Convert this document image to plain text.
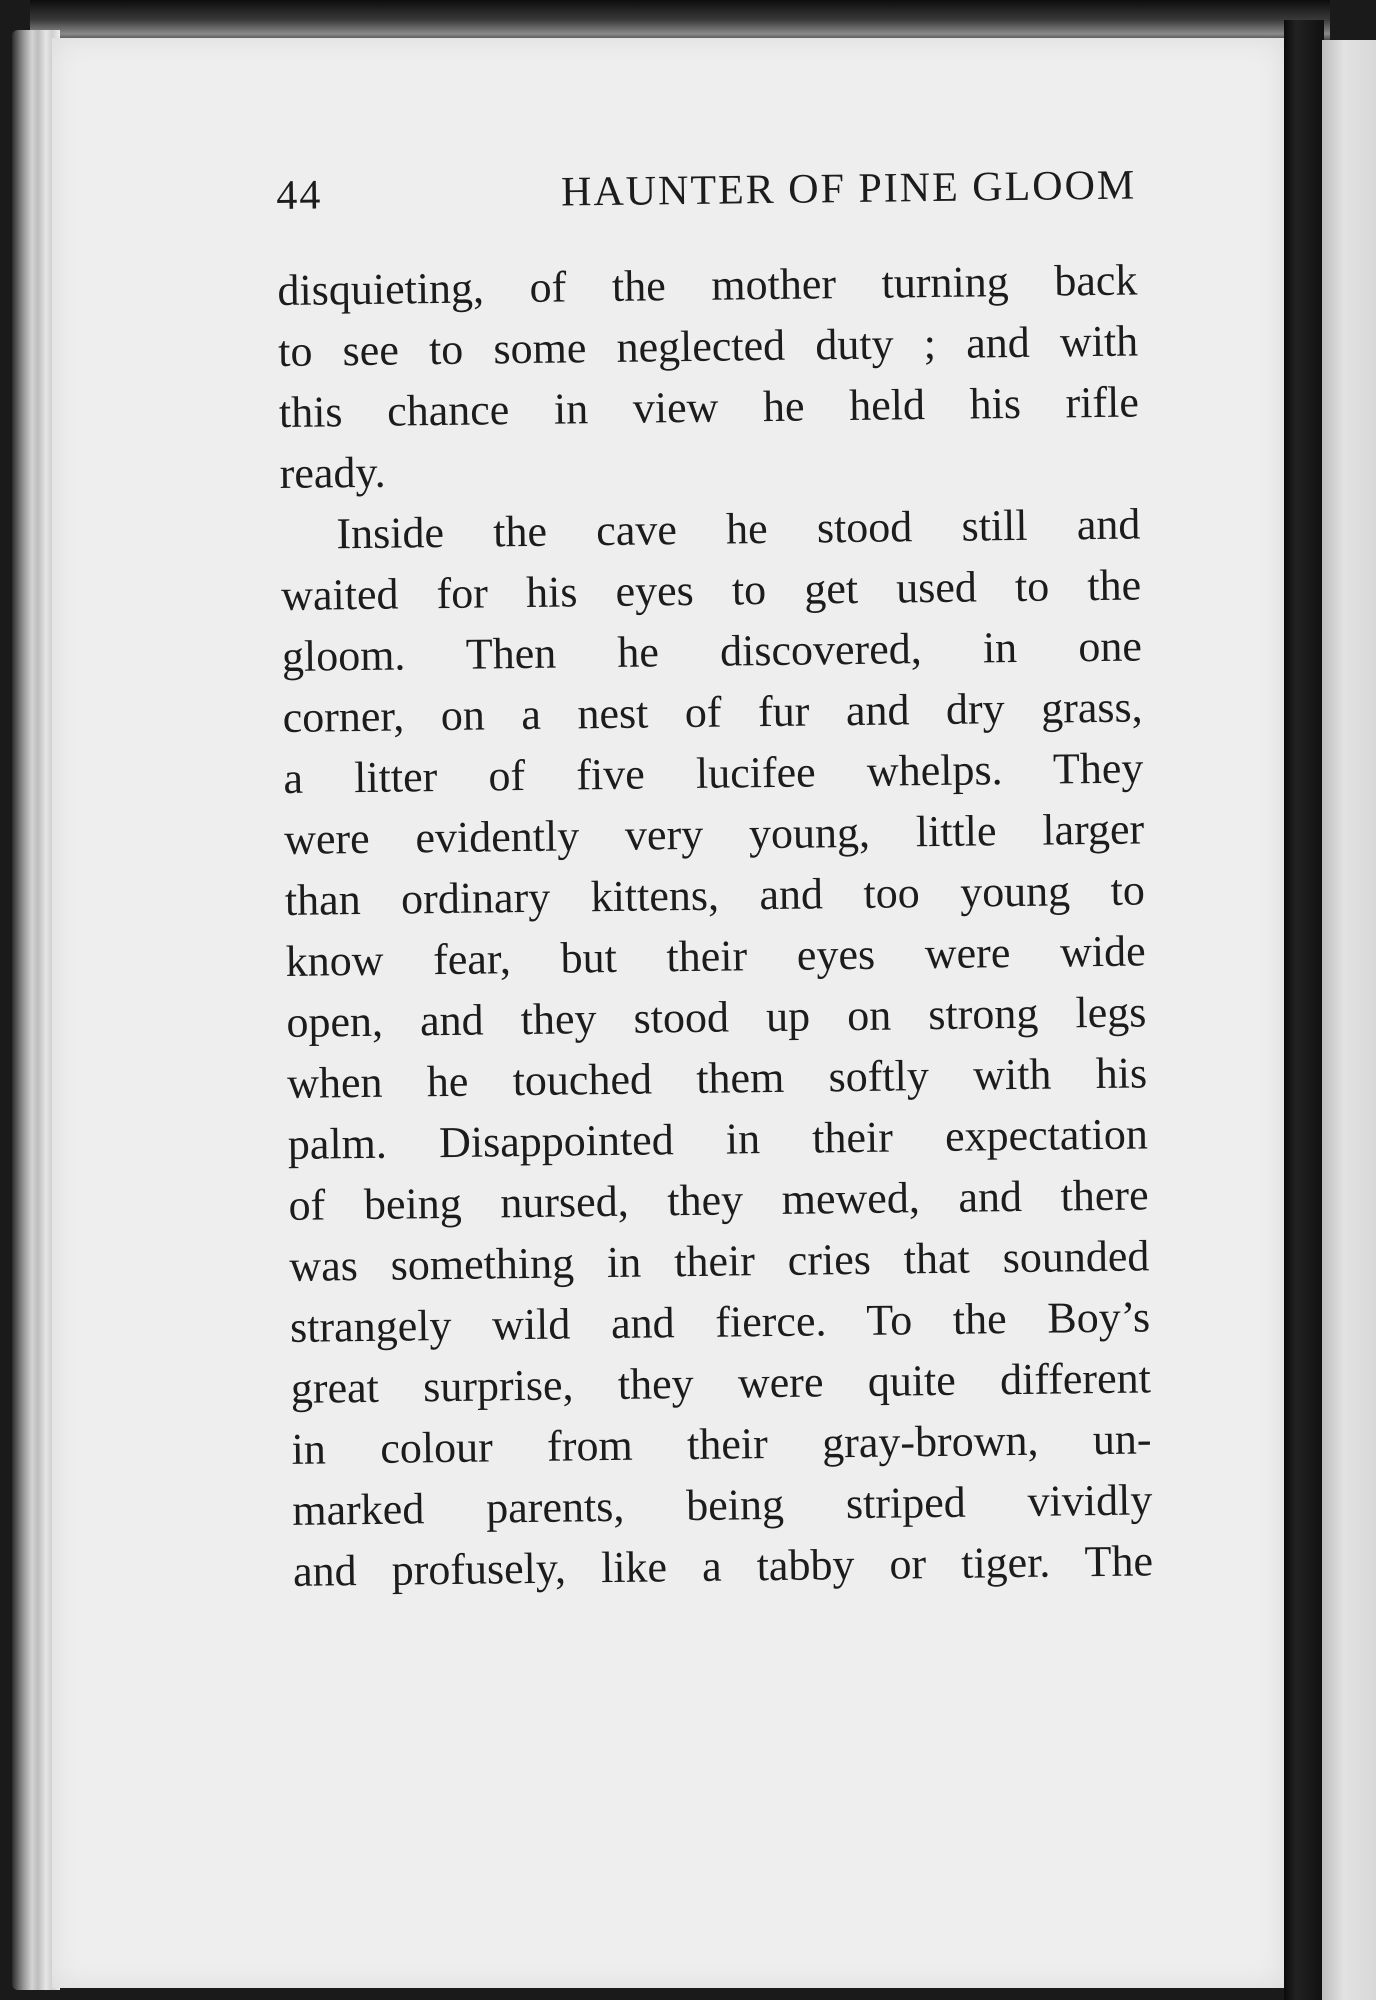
44	HAUNTER OF PINE GLOOM
disquieting, of the mother turning back
to see to some neglected duty ; and with
this chance in view he held his rifle
ready.
Inside the cave he stood still and
waited for his eyes to get used to the
gloom. Then he discovered, in one
corner, on a nest of fur and dry grass,
a litter of five lucifee whelps. They
were evidently very young, little larger
than ordinary kittens, and too young to
know fear, but their eyes were wide
open, and they stood up on strong legs
when he touched them softly with his
palm. Disappointed in their expectation
of being nursed, they mewed, and there
was something in their cries that sounded
strangely wild and fierce. To the Boy’s
great surprise, they were quite different
in colour from their gray-brown, un-
marked parents, being striped vividly
and profusely, like a tabby or tiger. The
